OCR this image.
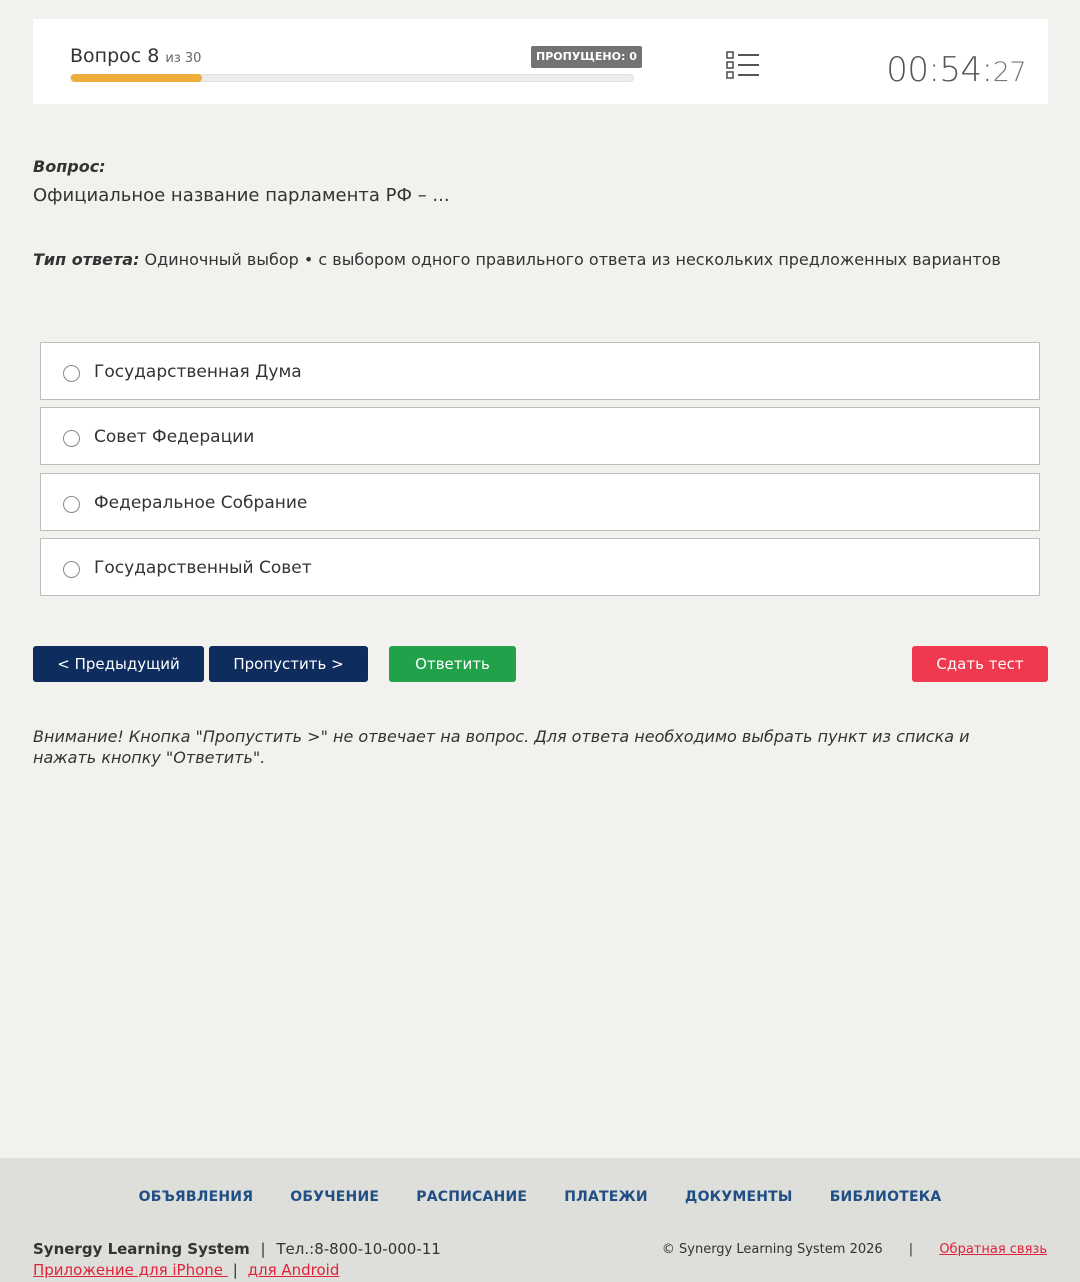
Вопрос 8 из 30	ПРОПУЩЕНО: 0	00:54:27
Вопрос:
Официальное название парламента РФ – ...
Тип ответа: Одиночный выбор • с выбором одного правильного ответа из нескольких предложенных вариантов
Государственная Дума
Совет Федерации
Федеральное Собрание
Государственный Совет
< Предыдущий	Пропустить >	Ответить	Сдать тест
Внимание! Кнопка "Пропустить >" не отвечает на вопрос. Для ответа необходимо выбрать пункт из списка и нажать кнопку "Ответить".
ОБЪЯВЛЕНИЯ	ОБУЧЕНИЕ	РАСПИСАНИЕ	ПЛАТЕЖИ	ДОКУМЕНТЫ	БИБЛИОТЕКА
Synergy Learning System | Тел.:8-800-10-000-11
Приложение для iPhone | для Android
© Synergy Learning System 2026 | Обратная связь
